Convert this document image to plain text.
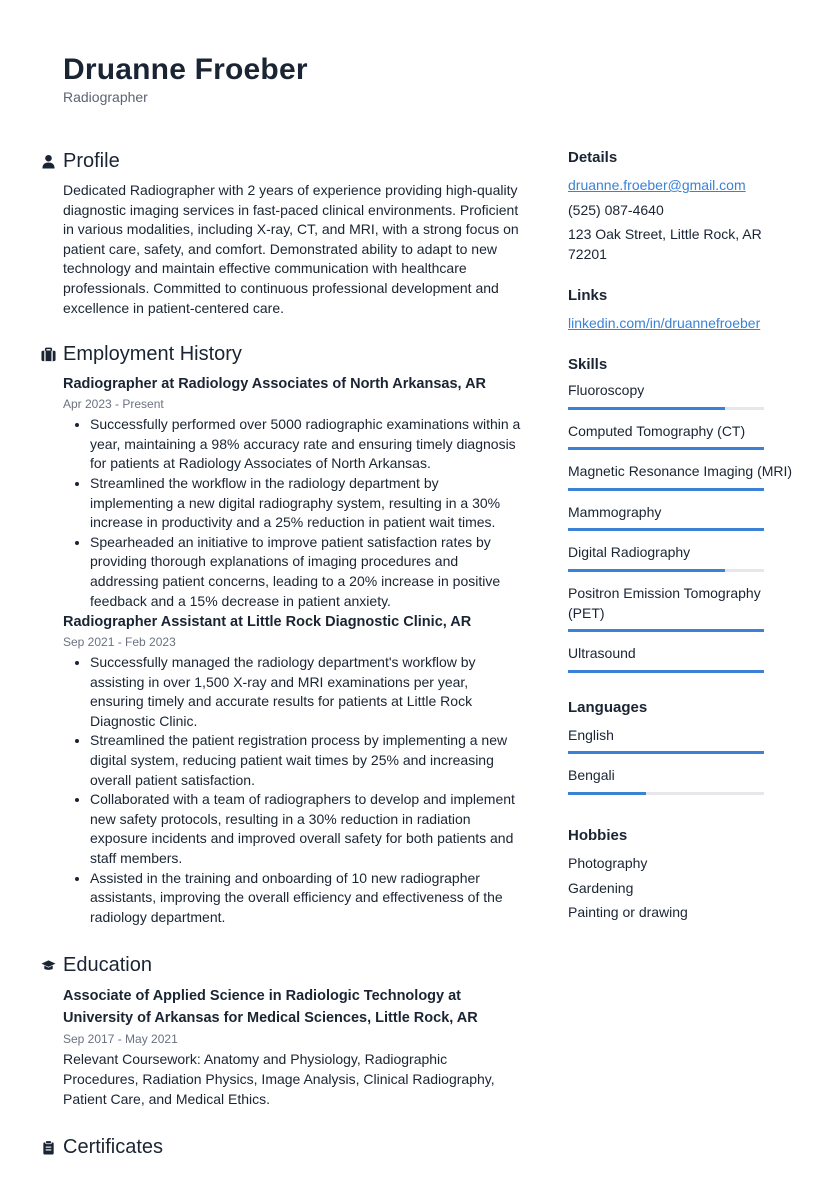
Druanne Froeber
Radiographer
Profile
Dedicated Radiographer with 2 years of experience providing high-quality diagnostic imaging services in fast-paced clinical environments. Proficient in various modalities, including X-ray, CT, and MRI, with a strong focus on patient care, safety, and comfort. Demonstrated ability to adapt to new technology and maintain effective communication with healthcare professionals. Committed to continuous professional development and excellence in patient-centered care.
Employment History
Radiographer at Radiology Associates of North Arkansas, AR
Apr 2023 - Present
• Successfully performed over 5000 radiographic examinations within a year, maintaining a 98% accuracy rate and ensuring timely diagnosis for patients at Radiology Associates of North Arkansas.
• Streamlined the workflow in the radiology department by implementing a new digital radiography system, resulting in a 30% increase in productivity and a 25% reduction in patient wait times.
• Spearheaded an initiative to improve patient satisfaction rates by providing thorough explanations of imaging procedures and addressing patient concerns, leading to a 20% increase in positive feedback and a 15% decrease in patient anxiety.
Radiographer Assistant at Little Rock Diagnostic Clinic, AR
Sep 2021 - Feb 2023
• Successfully managed the radiology department's workflow by assisting in over 1,500 X-ray and MRI examinations per year, ensuring timely and accurate results for patients at Little Rock Diagnostic Clinic.
• Streamlined the patient registration process by implementing a new digital system, reducing patient wait times by 25% and increasing overall patient satisfaction.
• Collaborated with a team of radiographers to develop and implement new safety protocols, resulting in a 30% reduction in radiation exposure incidents and improved overall safety for both patients and staff members.
• Assisted in the training and onboarding of 10 new radiographer assistants, improving the overall efficiency and effectiveness of the radiology department.
Education
Associate of Applied Science in Radiologic Technology at University of Arkansas for Medical Sciences, Little Rock, AR
Sep 2017 - May 2021
Relevant Coursework: Anatomy and Physiology, Radiographic Procedures, Radiation Physics, Image Analysis, Clinical Radiography, Patient Care, and Medical Ethics.
Certificates
Details
druanne.froeber@gmail.com
(525) 087-4640
123 Oak Street, Little Rock, AR 72201
Links
linkedin.com/in/druannefroeber
Skills
Fluoroscopy
Computed Tomography (CT)
Magnetic Resonance Imaging (MRI)
Mammography
Digital Radiography
Positron Emission Tomography (PET)
Ultrasound
Languages
English
Bengali
Hobbies
Photography
Gardening
Painting or drawing
